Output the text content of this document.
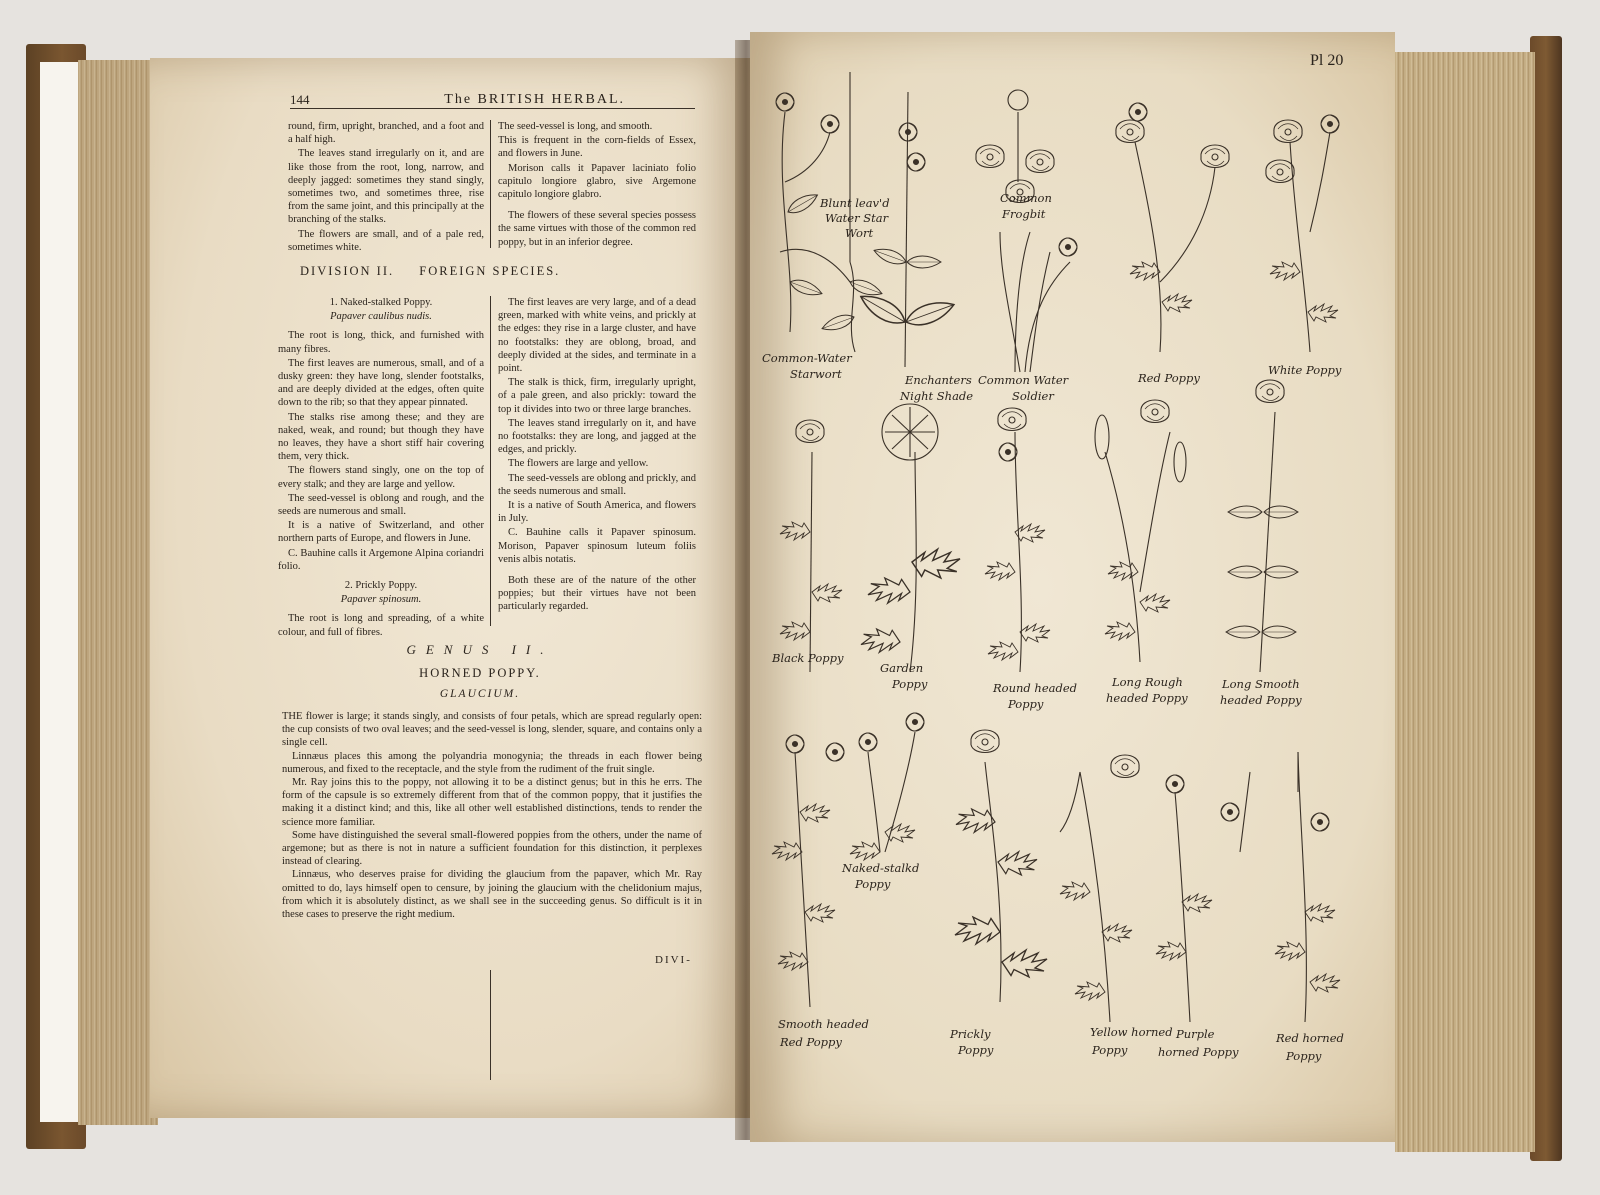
144	The BRITISH HERBAL.

round, firm, upright, branched, and a foot and a half high.

The leaves stand irregularly on it, and are like those from the root, long, narrow, and deeply jagged: sometimes they stand singly, sometimes two, and sometimes three, rise from the same joint, and this principally at the branching of the stalks.

The flowers are small, and of a pale red, sometimes white.

The seed-vessel is long, and smooth.

This is frequent in the corn-fields of Essex, and flowers in June.

Morison calls it Papaver laciniato folio capitulo longiore glabro, sive Argemone capitulo longiore glabro.

The flowers of these several species possess the same virtues with those of the common red poppy, but in an inferior degree.

DIVISION II. FOREIGN SPECIES.

1. Naked-stalked Poppy.

Papaver caulibus nudis.

The root is long, thick, and furnished with many fibres.

The first leaves are numerous, small, and of a dusky green: they have long, slender footstalks, and are deeply divided at the edges, often quite down to the rib; so that they appear pinnated.

The stalks rise among these; and they are naked, weak, and round; but though they have no leaves, they have a short stiff hair covering them, very thick.

The flowers stand singly, one on the top of every stalk; and they are large and yellow.

The seed-vessel is oblong and rough, and the seeds are numerous and small.

It is a native of Switzerland, and other northern parts of Europe, and flowers in June.

C. Bauhine calls it Argemone Alpina coriandri folio.

2. Prickly Poppy.

Papaver spinosum.

The root is long and spreading, of a white colour, and full of fibres.

The first leaves are very large, and of a dead green, marked with white veins, and prickly at the edges: they rise in a large cluster, and have no footstalks: they are oblong, broad, and deeply divided at the sides, and terminate in a point.

The stalk is thick, firm, irregularly upright, of a pale green, and also prickly: toward the top it divides into two or three large branches.

The leaves stand irregularly on it, and have no footstalks: they are long, and jagged at the edges, and prickly.

The flowers are large and yellow.

The seed-vessels are oblong and prickly, and the seeds numerous and small.

It is a native of South America, and flowers in July.

C. Bauhine calls it Papaver spinosum. Morison, Papaver spinosum luteum foliis venis albis notatis.

Both these are of the nature of the other poppies; but their virtues have not been particularly regarded.

GENUS II.
HORNED POPPY.
GLAUCIUM.

THE flower is large; it stands singly, and consists of four petals, which are spread regularly open: the cup consists of two oval leaves; and the seed-vessel is long, slender, square, and contains only a single cell.

Linnæus places this among the polyandria monogynia; the threads in each flower being numerous, and fixed to the receptacle, and the style from the rudiment of the fruit single.

Mr. Ray joins this to the poppy, not allowing it to be a distinct genus; but in this he errs. The form of the capsule is so extremely different from that of the common poppy, that it justifies the making it a distinct kind; and this, like all other well established distinctions, tends to render the science more familiar.

Some have distinguished the several small-flowered poppies from the others, under the name of argemone; but as there is not in nature a sufficient foundation for this distinction, it perplexes instead of clearing.

Linnæus, who deserves praise for dividing the glaucium from the papaver, which Mr. Ray omitted to do, lays himself open to censure, by joining the glaucium with the chelidonium majus, from which it is absolutely distinct, as we shall see in the succeeding genus. So difficult is it in these cases to preserve the right medium.

DIVI-
Pl 20
Common-Water
Starwort
Blunt leav'd
Water Star
Wort
Enchanters
Night Shade
Common
Frogbit
Common Water
Soldier
Red Poppy
White Poppy
Black Poppy
Garden
Poppy	Round headed
Poppy
Long Rough
headed Poppy
Long Smooth
headed Poppy
Naked-stalkd
Poppy
Smooth headed
Red Poppy
Prickly
Poppy
Yellow horned
Poppy
Purple
horned Poppy
Red horned
Poppy
